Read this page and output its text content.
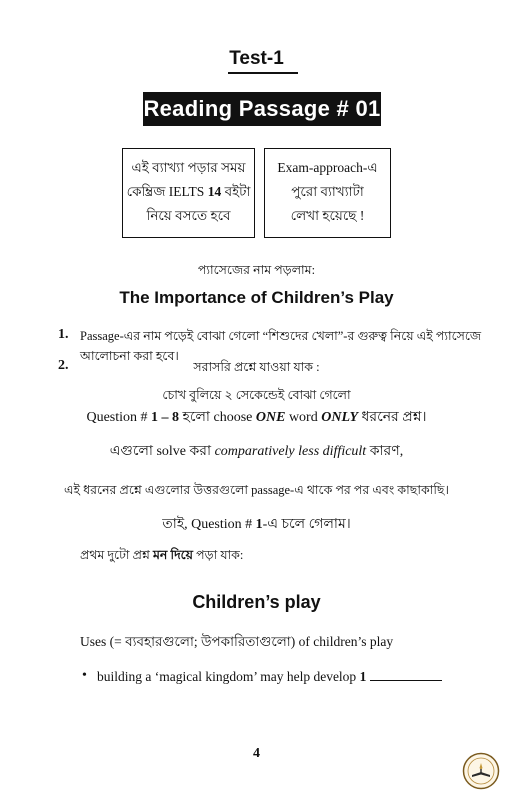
Test-1
Reading Passage # 01
এই ব্যাখ্যা পড়ার সময়
কেম্ব্রিজ IELTS 14 বইটা
নিয়ে বসতে হবে
Exam-approach-এ
পুরো ব্যাখ্যাটা
লেখা হয়েছে !
প্যাসেজের নাম পড়লাম:
The Importance of Children’s Play
1. Passage-এর নাম পড়েই বোঝা গেলো “শিশুদের খেলা”-র গুরুত্ব নিয়ে এই প্যাসেজে আলোচনা করা হবে।
2.	সরাসরি প্রশ্নে যাওয়া যাক :
চোখ বুলিয়ে ২ সেকেন্ডেই বোঝা গেলো
Question # 1 – 8 হলো choose ONE word ONLY ধরনের প্রশ্ন।
এগুলো solve করা comparatively less difficult কারণ,
এই ধরনের প্রশ্নে এগুলোর উত্তরগুলো passage-এ থাকে পর পর এবং কাছাকাছি।
তাই, Question # 1-এ চলে গেলাম।
প্রথম দুটো প্রশ্ন মন দিয়ে পড়া যাক:
Children’s play
Uses (= ব্যবহারগুলো; উপকারিতাগুলো) of children’s play
• building a ‘magical kingdom’ may help develop 1
4
